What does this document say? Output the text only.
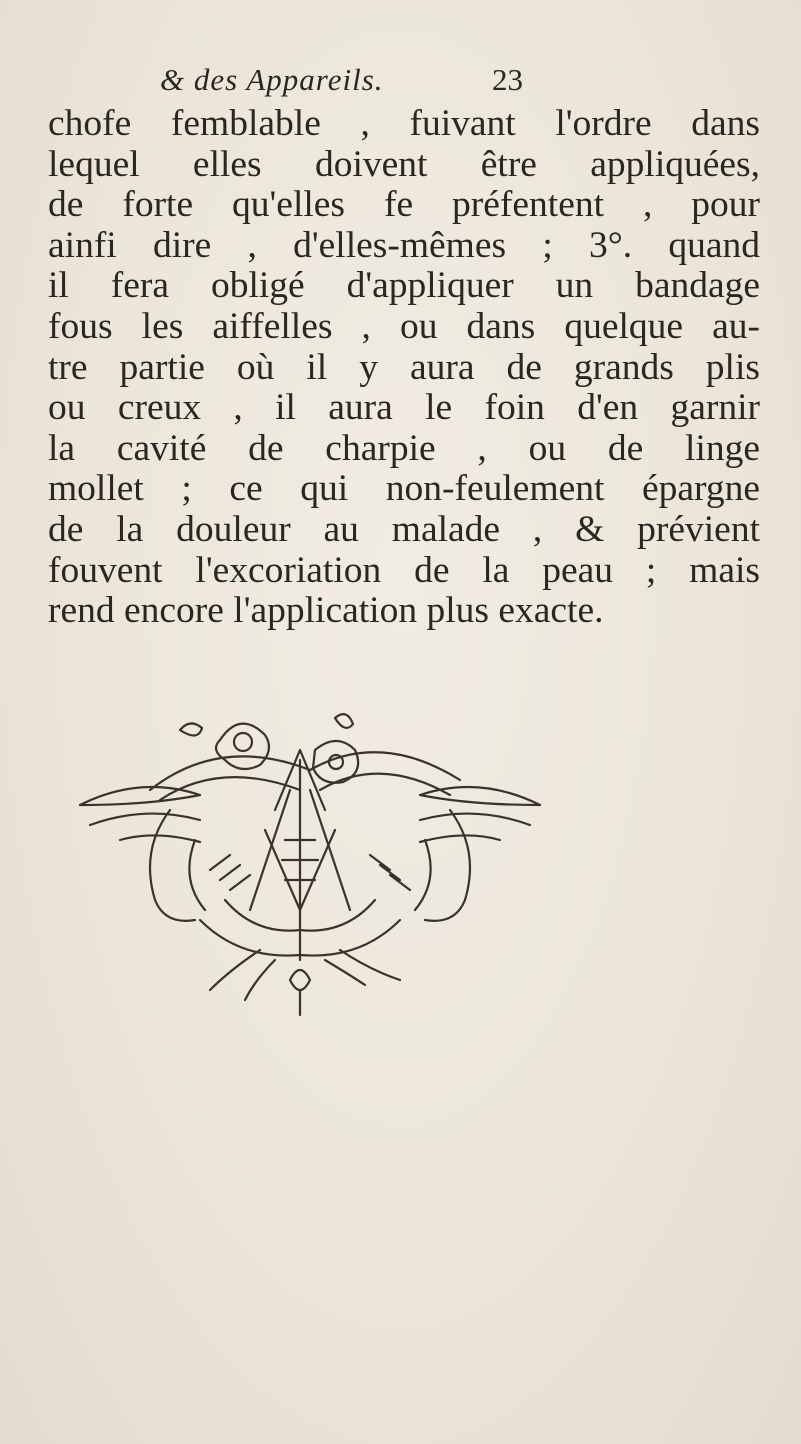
& des Appareils.	23
chofe femblable , fuivant l'ordre dans
lequel elles doivent être appliquées,
de forte qu'elles fe préfentent , pour
ainfi dire , d'elles-mêmes ; 3°. quand
il fera obligé d'appliquer un bandage
fous les aiffelles , ou dans quelque au-
tre partie où il y aura de grands plis
ou creux , il aura le foin d'en garnir
la cavité de charpie , ou de linge
mollet ; ce qui non-feulement épargne
de la douleur au malade , & prévient
fouvent l'excoriation de la peau ; mais
rend encore l'application plus exacte.
